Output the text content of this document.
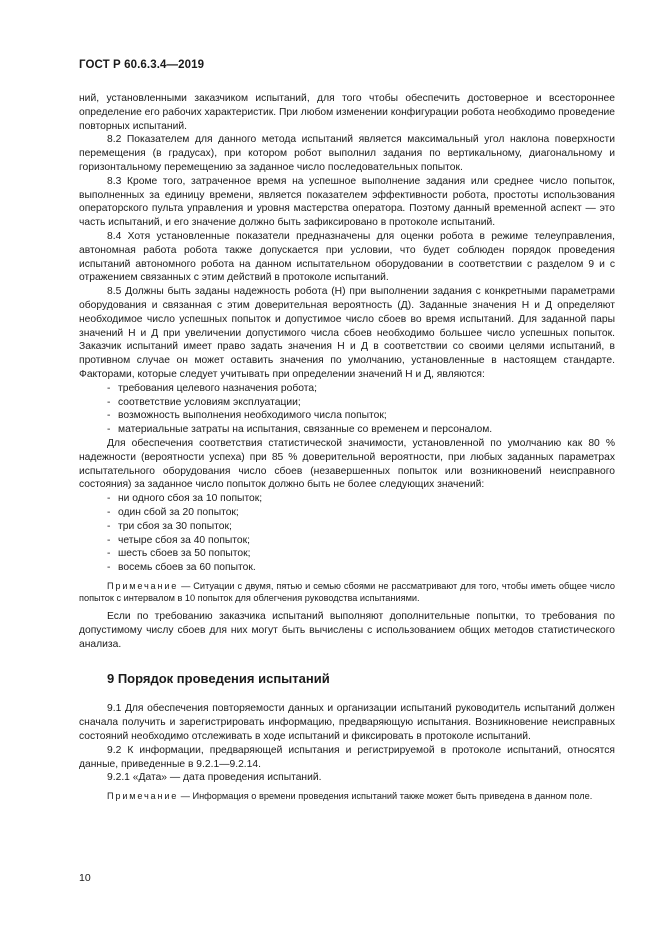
ГОСТ Р 60.6.3.4—2019

ний, установленными заказчиком испытаний, для того чтобы обеспечить достоверное и всестороннее определение его рабочих характеристик. При любом изменении конфигурации робота необходимо проведение повторных испытаний.

8.2 Показателем для данного метода испытаний является максимальный угол наклона поверхности перемещения (в градусах), при котором робот выполнил задания по вертикальному, диагональному и горизонтальному перемещению за заданное число последовательных попыток.

8.3 Кроме того, затраченное время на успешное выполнение задания или среднее число попыток, выполненных за единицу времени, является показателем эффективности робота, простоты использования операторского пульта управления и уровня мастерства оператора. Поэтому данный временной аспект — это часть испытаний, и его значение должно быть зафиксировано в протоколе испытаний.

8.4 Хотя установленные показатели предназначены для оценки робота в режиме телеуправления, автономная работа робота также допускается при условии, что будет соблюден порядок проведения испытаний автономного робота на данном испытательном оборудовании в соответствии с разделом 9 и с отражением связанных с этим действий в протоколе испытаний.

8.5 Должны быть заданы надежность робота (Н) при выполнении задания с конкретными параметрами оборудования и связанная с этим доверительная вероятность (Д). Заданные значения Н и Д определяют необходимое число успешных попыток и допустимое число сбоев во время испытаний. Для заданной пары значений Н и Д при увеличении допустимого числа сбоев необходимо большее число успешных попыток. Заказчик испытаний имеет право задать значения Н и Д в соответствии со своими целями испытаний, в противном случае он может оставить значения по умолчанию, установленные в настоящем стандарте. Факторами, которые следует учитывать при определении значений Н и Д, являются:

- требования целевого назначения робота;

- соответствие условиям эксплуатации;

- возможность выполнения необходимого числа попыток;

- материальные затраты на испытания, связанные со временем и персоналом.

Для обеспечения соответствия статистической значимости, установленной по умолчанию как 80 % надежности (вероятности успеха) при 85 % доверительной вероятности, при любых заданных параметрах испытательного оборудования число сбоев (незавершенных попыток или возникновений неисправного состояния) за заданное число попыток должно быть не более следующих значений:

- ни одного сбоя за 10 попыток;

- один сбой за 20 попыток;

- три сбоя за 30 попыток;

- четыре сбоя за 40 попыток;

- шесть сбоев за 50 попыток;

- восемь сбоев за 60 попыток.

Примечание — Ситуации с двумя, пятью и семью сбоями не рассматривают для того, чтобы иметь общее число попыток с интервалом в 10 попыток для облегчения руководства испытаниями.

Если по требованию заказчика испытаний выполняют дополнительные попытки, то требования по допустимому числу сбоев для них могут быть вычислены с использованием общих методов статистического анализа.

9 Порядок проведения испытаний

9.1 Для обеспечения повторяемости данных и организации испытаний руководитель испытаний должен сначала получить и зарегистрировать информацию, предваряющую испытания. Возникновение неисправных состояний необходимо отслеживать в ходе испытаний и фиксировать в протоколе испытаний.

9.2 К информации, предваряющей испытания и регистрируемой в протоколе испытаний, относятся данные, приведенные в 9.2.1—9.2.14.

9.2.1 «Дата» — дата проведения испытаний.

Примечание — Информация о времени проведения испытаний также может быть приведена в данном поле.

10
